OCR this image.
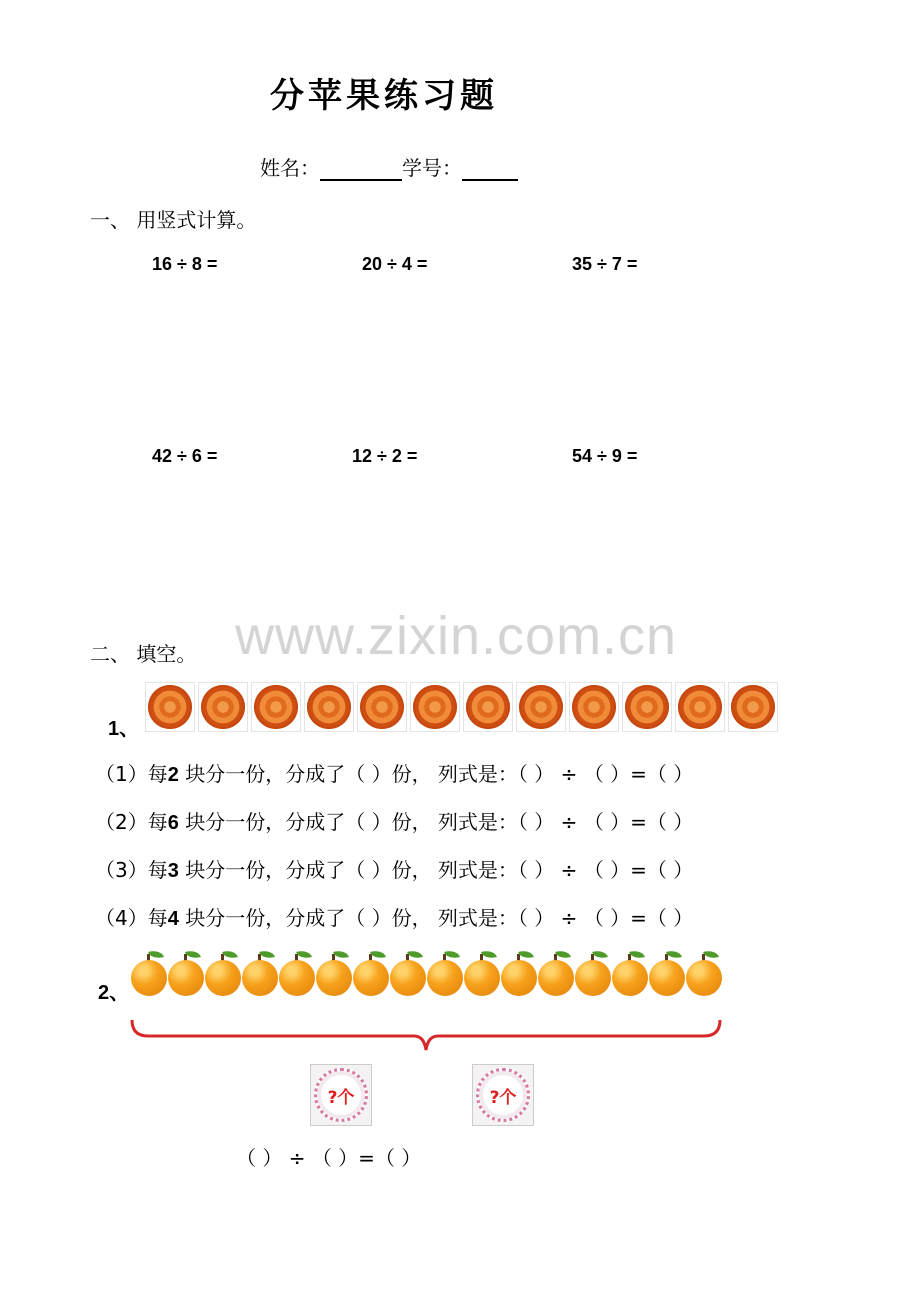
分苹果练习题
姓名：	学号：
一、 用竖式计算。
16 ÷ 8 =	20 ÷ 4 =	35 ÷ 7 =
42 ÷ 6 =	12 ÷ 2 =	54 ÷ 9 =
www.zixin.com.cn
二、 填空。
1、
（1）每2 块分一份，分成了（ ）份， 列式是：（ ） ÷ （ ）=（ ）
（2）每6 块分一份，分成了（ ）份， 列式是：（ ） ÷ （ ）=（ ）
（3）每3 块分一份，分成了（ ）份， 列式是：（ ） ÷ （ ）=（ ）
（4）每4 块分一份，分成了（ ）份， 列式是：（ ） ÷ （ ）=（ ）
2、
?个	?个
（ ） ÷ （ ）=（ ）
